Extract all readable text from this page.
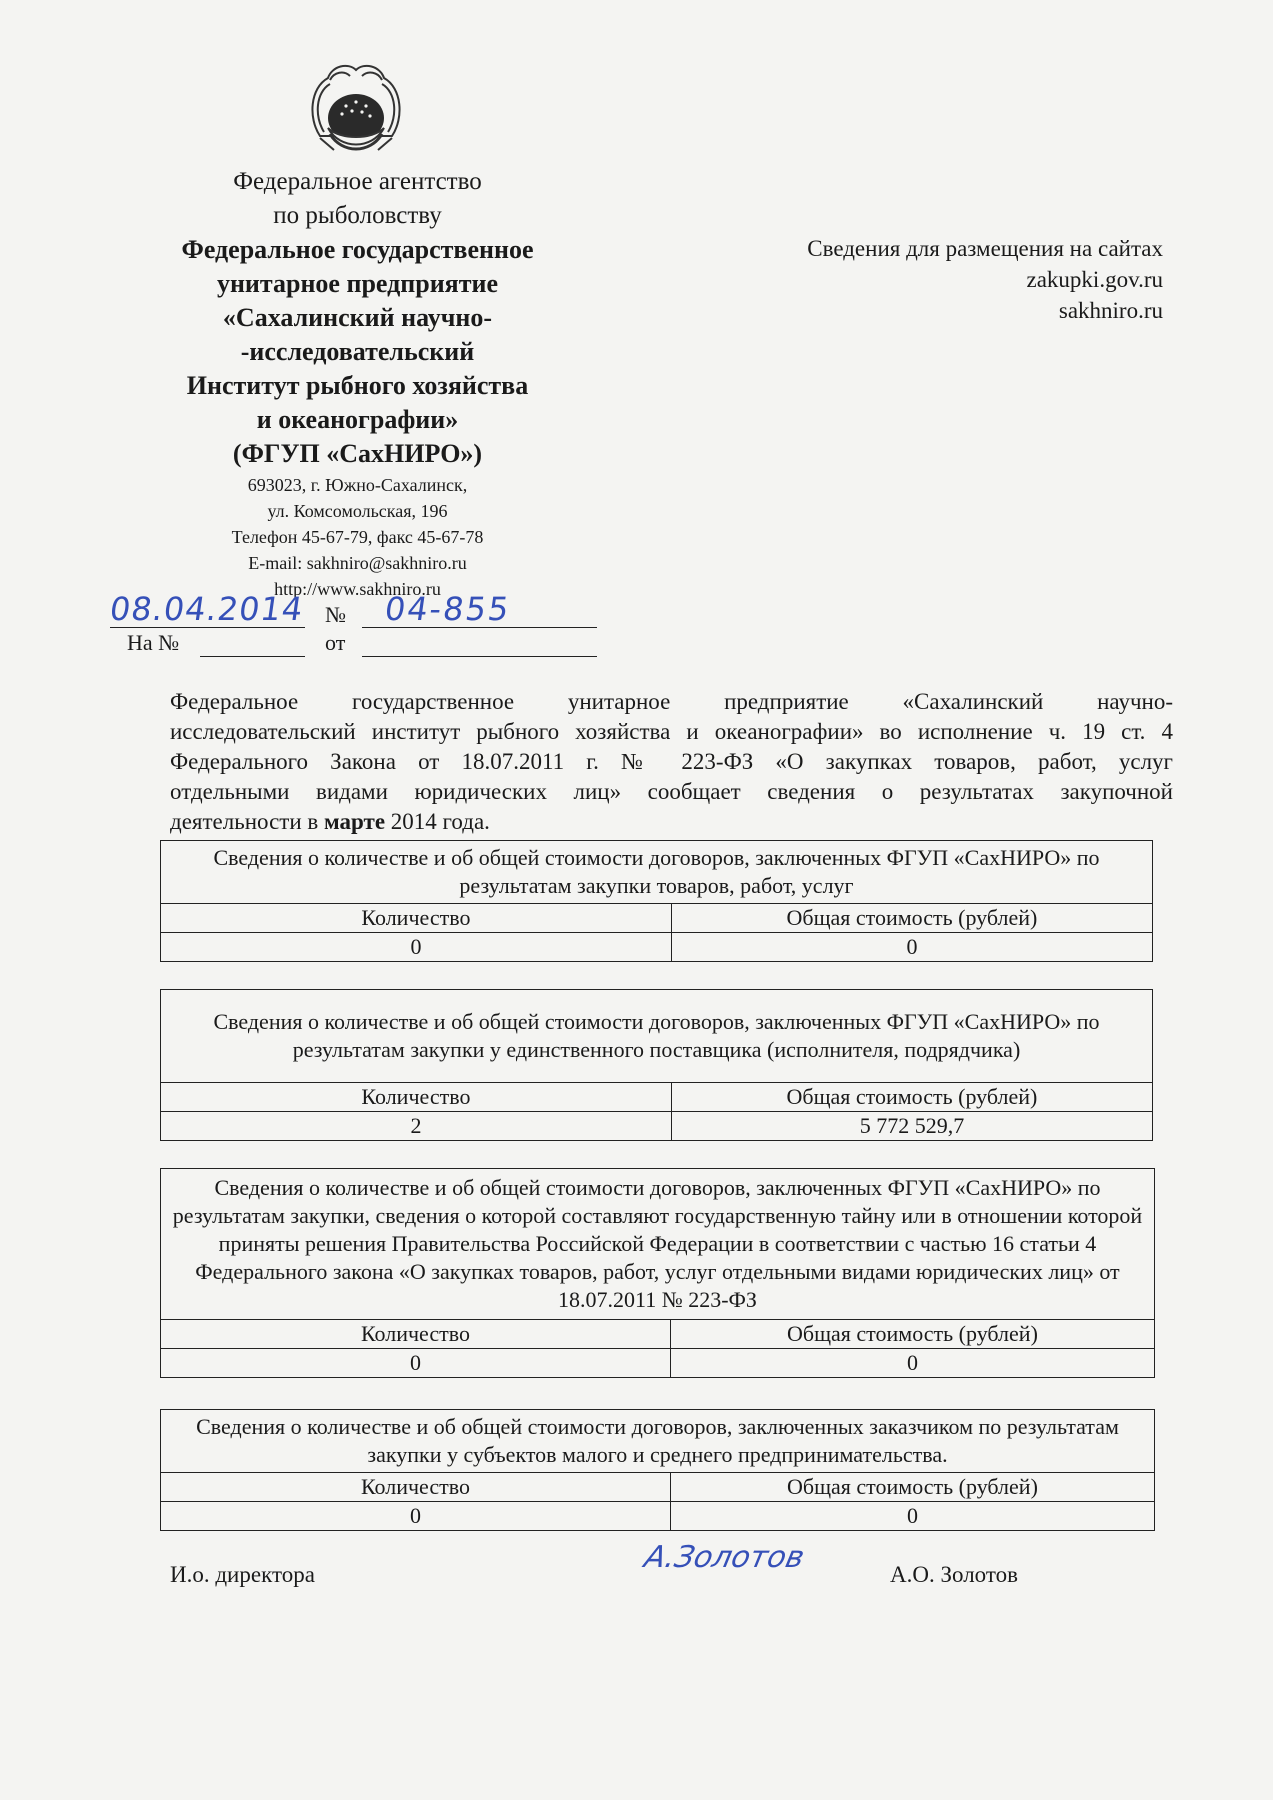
Федеральное агентство
по рыболовству
Федеральное государственное
унитарное предприятие
«Сахалинский научно-
-исследовательский
Институт рыбного хозяйства
и океанографии»
(ФГУП «СахНИРО»)
693023, г. Южно-Сахалинск,
ул. Комсомольская, 196
Телефон 45-67-79, факс 45-67-78
E-mail: sakhniro@sakhniro.ru
http://www.sakhniro.ru
Сведения для размещения на сайтах
zakupki.gov.ru
sakhniro.ru
08.04.2014 № 04-855
На №	от
Федеральное государственное унитарное предприятие «Сахалинский научно-
исследовательский институт рыбного хозяйства и океанографии» во исполнение ч. 19 ст. 4
Федерального Закона от 18.07.2011 г. № 223-ФЗ «О закупках товаров, работ, услуг
отдельными видами юридических лиц» сообщает сведения о результатах закупочной
деятельности в марте 2014 года.
Сведения о количестве и об общей стоимости договоров, заключенных ФГУП «СахНИРО» по результатам закупки товаров, работ, услуг	
Количество	Общая стоимость (рублей)
0	0
Сведения о количестве и об общей стоимости договоров, заключенных ФГУП «СахНИРО» по результатам закупки у единственного поставщика (исполнителя, подрядчика)	
Количество	Общая стоимость (рублей)
2	5 772 529,7
Сведения о количестве и об общей стоимости договоров, заключенных ФГУП «СахНИРО» по результатам закупки, сведения о которой составляют государственную тайну или в отношении которой приняты решения Правительства Российской Федерации в соответствии с частью 16 статьи 4 Федерального закона «О закупках товаров, работ, услуг отдельными видами юридических лиц» от 18.07.2011 № 223-ФЗ	
Количество	Общая стоимость (рублей)
0	0
Сведения о количестве и об общей стоимости договоров, заключенных заказчиком по результатам закупки у субъектов малого и среднего предпринимательства.	
Количество	Общая стоимость (рублей)
0	0
И.о. директора	А.Золотов	А.О. Золотов
